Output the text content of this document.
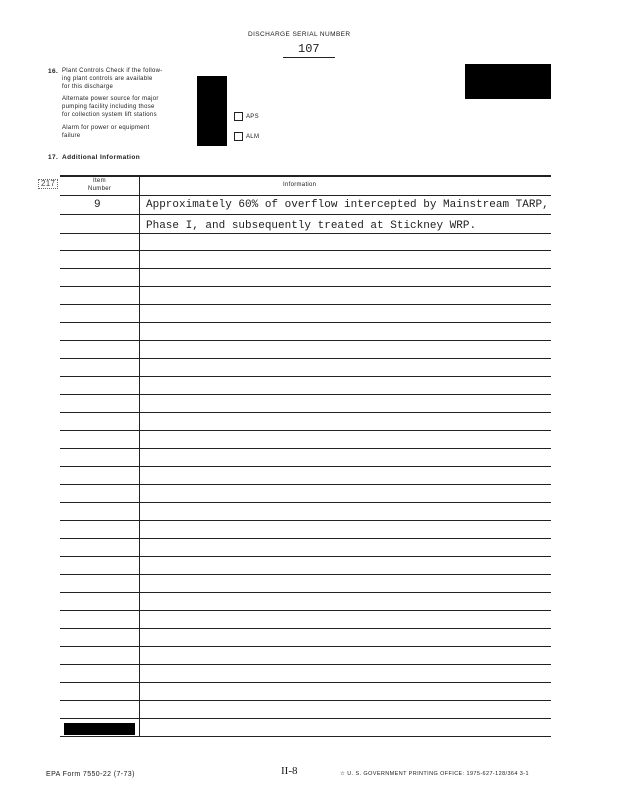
DISCHARGE SERIAL NUMBER
107
16. Plant Controls Check if the follow-
ing plant controls are available
for this discharge
Alternate power source for major
pumping facility including those
for collection system lift stations	APS
Alarm for power or equipment
failure	ALM
17. Additional Information
217	Item
Number
Information
9	Approximately 60% of overflow intercepted by Mainstream TARP,
Phase I, and subsequently treated at Stickney WRP.
EPA Form 7550-22 (7-73)	II-8	☆ U. S. GOVERNMENT PRINTING OFFICE: 1975-627-128/364 3-1
